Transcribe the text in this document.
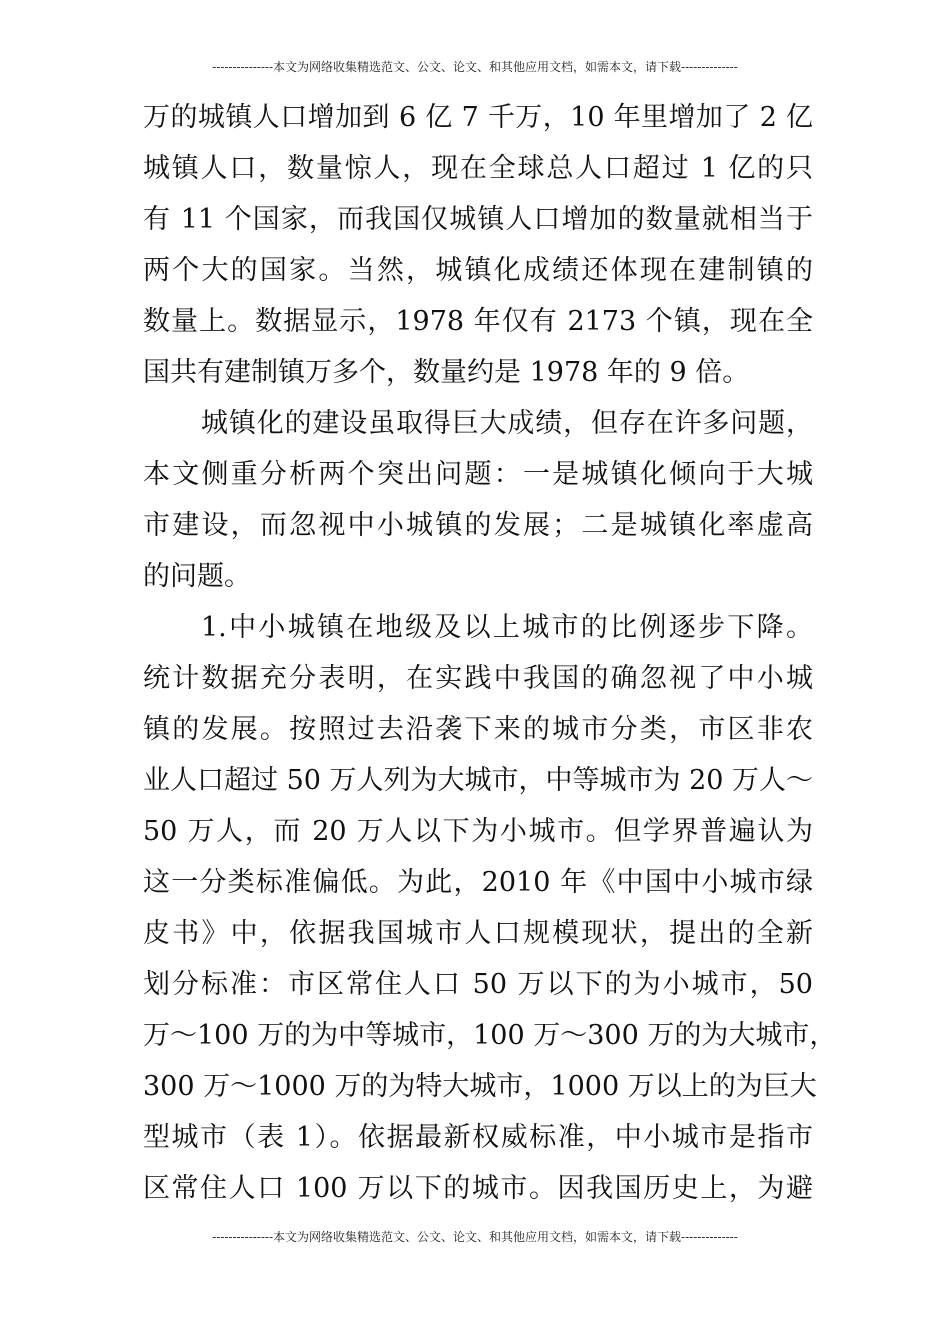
---------------本文为网络收集精选范文、公文、论文、和其他应用文档，如需本文，请下载--------------
万的城镇人口增加到 6 亿 7 千万，10 年里增加了 2 亿
城镇人口，数量惊人，现在全球总人口超过 1 亿的只
有 11 个国家，而我国仅城镇人口增加的数量就相当于
两个大的国家。当然，城镇化成绩还体现在建制镇的
数量上。数据显示，1978 年仅有 2173 个镇，现在全
国共有建制镇万多个，数量约是 1978 年的 9 倍。
城镇化的建设虽取得巨大成绩，但存在许多问题，
本文侧重分析两个突出问题：一是城镇化倾向于大城
市建设，而忽视中小城镇的发展；二是城镇化率虚高
的问题。
1.中小城镇在地级及以上城市的比例逐步下降。
统计数据充分表明，在实践中我国的确忽视了中小城
镇的发展。按照过去沿袭下来的城市分类，市区非农
业人口超过 50 万人列为大城市，中等城市为 20 万人～
50 万人，而 20 万人以下为小城市。但学界普遍认为
这一分类标准偏低。为此，2010 年《中国中小城市绿
皮书》中，依据我国城市人口规模现状，提出的全新
划分标准：市区常住人口 50 万以下的为小城市，50
万～100 万的为中等城市，100 万～300 万的为大城市，
300 万～1000 万的为特大城市，1000 万以上的为巨大
型城市（表 1）。依据最新权威标准，中小城市是指市
区常住人口 100 万以下的城市。因我国历史上，为避
---------------本文为网络收集精选范文、公文、论文、和其他应用文档，如需本文，请下载--------------
